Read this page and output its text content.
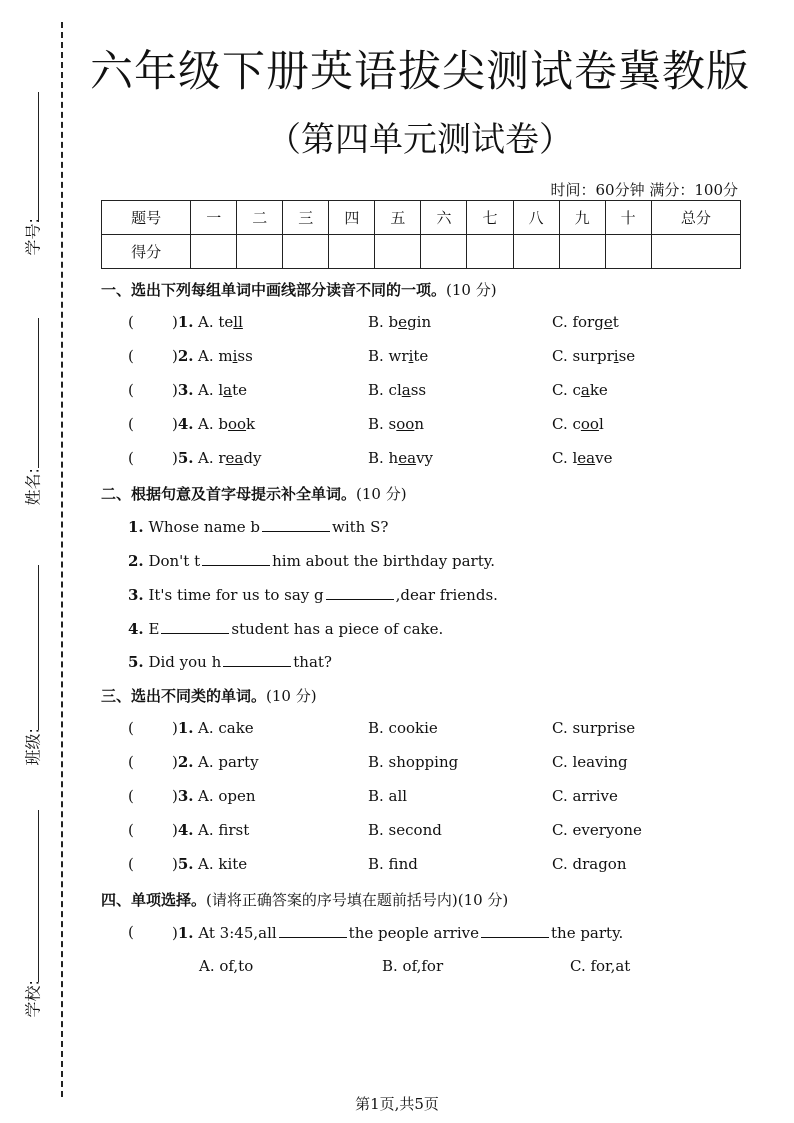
学号:
姓名:
班级:
学校:
六年级下册英语拔尖测试卷冀教版
（第四单元测试卷）
时间：60分钟 满分：100分
题号	一	二	三	四	五	六	七	八	九	十	总分
得分											
一、选出下列每组单词中画线部分读音不同的一项。(10 分)
(	)1. A. tell	B. begin	C. forget
(	)2. A. miss	B. write	C. surprise
(	)3. A. late	B. class	C. cake
(	)4. A. book	B. soon	C. cool
(	)5. A. ready	B. heavy	C. leave
二、根据句意及首字母提示补全单词。(10 分)
1. Whose name b	with S?
2. Don't t	him about the birthday party.
3. It's time for us to say g	,dear friends.
4. E	student has a piece of cake.
5. Did you h	that?
三、选出不同类的单词。(10 分)
(	)1. A. cake	B. cookie	C. surprise
(	)2. A. party	B. shopping	C. leaving
(	)3. A. open	B. all	C. arrive
(	)4. A. first	B. second	C. everyone
(	)5. A. kite	B. find	C. dragon
四、单项选择。(请将正确答案的序号填在题前括号内)(10 分)
(	)1. At 3:45,all	the people arrive	the party.
A. of,to	B. of,for	C. for,at
第1页,共5页
